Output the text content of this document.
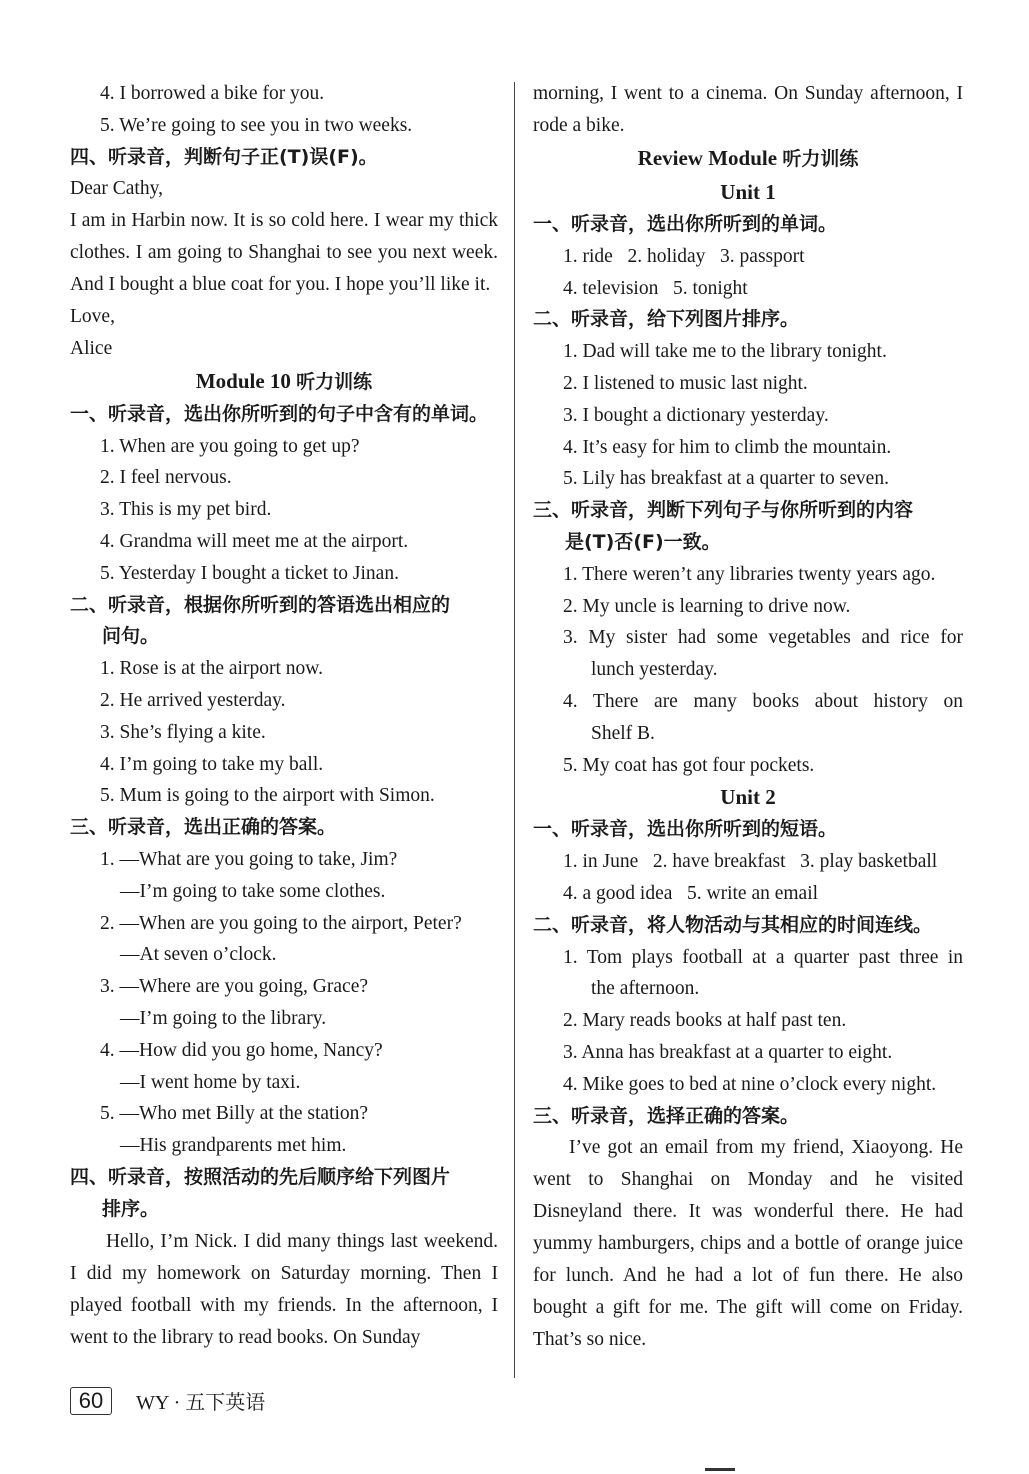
4. I borrowed a bike for you.
5. We’re going to see you in two weeks.
四、听录音，判断句子正(T)误(F)。
Dear Cathy,
I am in Harbin now. It is so cold here. I wear my thick clothes. I am going to Shanghai to see you next week. And I bought a blue coat for you. I hope you’ll like it.
Love,
Alice
Module 10 听力训练
一、听录音，选出你所听到的句子中含有的单词。
1. When are you going to get up?
2. I feel nervous.
3. This is my pet bird.
4. Grandma will meet me at the airport.
5. Yesterday I bought a ticket to Jinan.
二、听录音，根据你所听到的答语选出相应的
问句。
1. Rose is at the airport now.
2. He arrived yesterday.
3. She’s flying a kite.
4. I’m going to take my ball.
5. Mum is going to the airport with Simon.
三、听录音，选出正确的答案。
1. —What are you going to take, Jim?
—I’m going to take some clothes.
2. —When are you going to the airport, Peter?
—At seven o’clock.
3. —Where are you going, Grace?
—I’m going to the library.
4. —How did you go home, Nancy?
—I went home by taxi.
5. —Who met Billy at the station?
—His grandparents met him.
四、听录音，按照活动的先后顺序给下列图片
排序。
Hello, I’m Nick. I did many things last weekend. I did my homework on Saturday morning. Then I played football with my friends. In the afternoon, I went to the library to read books. On Sunday
morning, I went to a cinema. On Sunday afternoon, I rode a bike.
Review Module 听力训练
Unit 1
一、听录音，选出你所听到的单词。
1. ride   2. holiday   3. passport
4. television   5. tonight
二、听录音，给下列图片排序。
1. Dad will take me to the library tonight.
2. I listened to music last night.
3. I bought a dictionary yesterday.
4. It’s easy for him to climb the mountain.
5. Lily has breakfast at a quarter to seven.
三、听录音，判断下列句子与你所听到的内容
是(T)否(F)一致。
1. There weren’t any libraries twenty years ago.
2. My uncle is learning to drive now.
3. My sister had some vegetables and rice for
lunch yesterday.
4. There are many books about history on
Shelf B.
5. My coat has got four pockets.
Unit 2
一、听录音，选出你所听到的短语。
1. in June   2. have breakfast   3. play basketball
4. a good idea   5. write an email
二、听录音，将人物活动与其相应的时间连线。
1. Tom plays football at a quarter past three in
the afternoon.
2. Mary reads books at half past ten.
3. Anna has breakfast at a quarter to eight.
4. Mike goes to bed at nine o’clock every night.
三、听录音，选择正确的答案。
I’ve got an email from my friend, Xiaoyong. He went to Shanghai on Monday and he visited Disneyland there. It was wonderful there. He had yummy hamburgers, chips and a bottle of orange juice for lunch. And he had a lot of fun there. He also bought a gift for me. The gift will come on Friday. That’s so nice.
60	WY · 五下英语
